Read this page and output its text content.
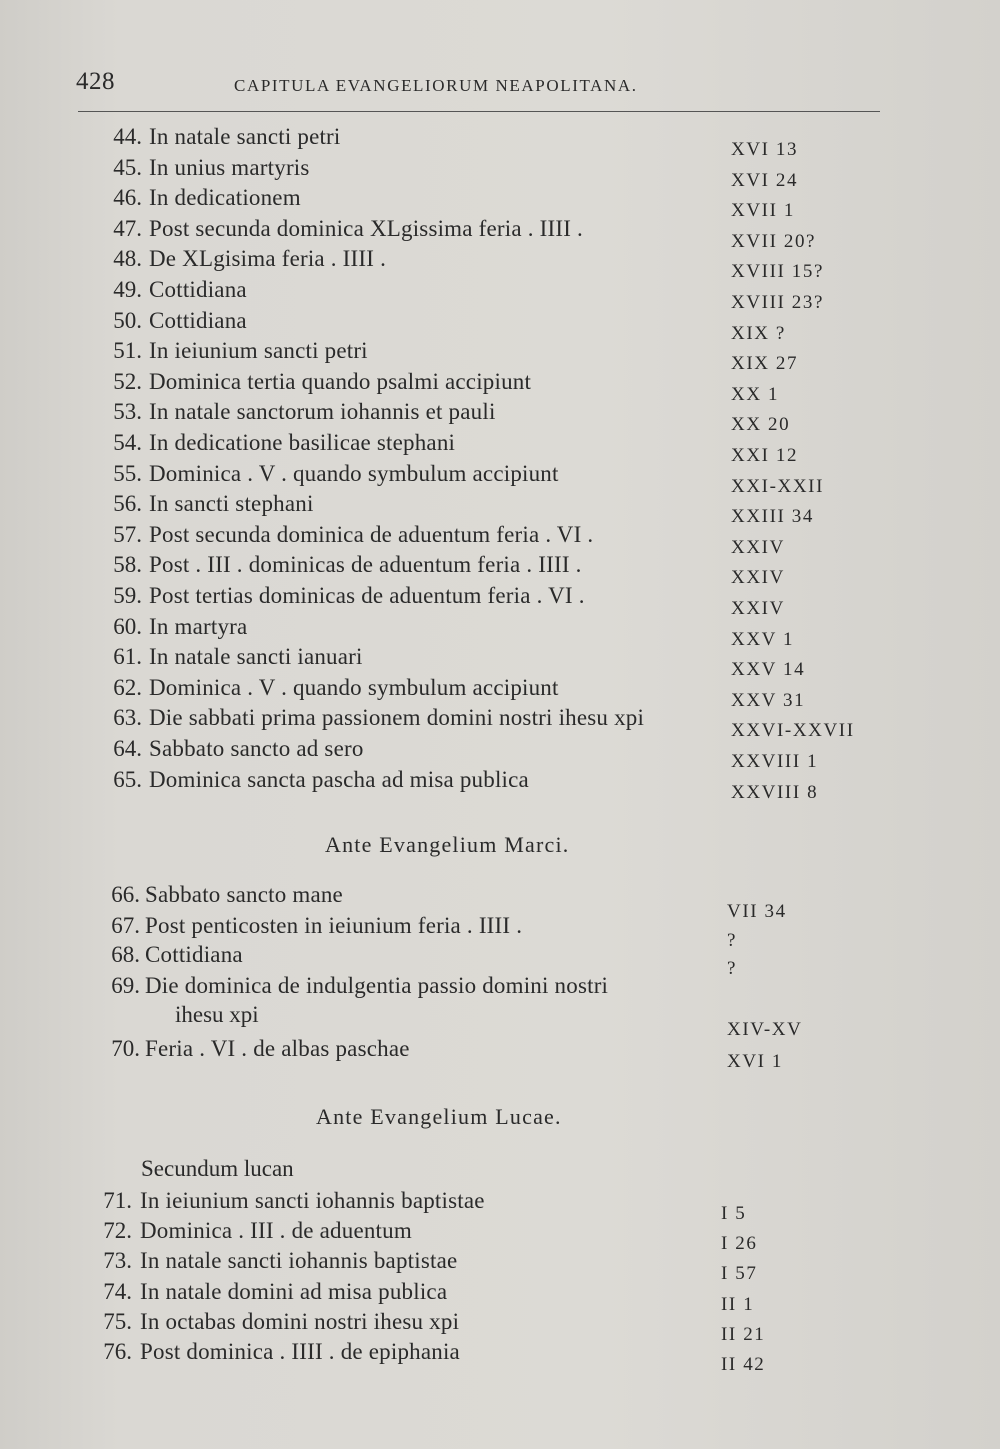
428	CAPITULA EVANGELIORUM NEAPOLITANA.
44. In natale sancti petri
XVI 13
45. In unius martyris
XVI 24
46. In dedicationem
XVII 1
47. Post secunda dominica XLgissima feria . IIII .
XVII 20?
48. De XLgisima feria . IIII .
XVIII 15?
49. Cottidiana
XVIII 23?
50. Cottidiana
XIX ?
51. In ieiunium sancti petri
XIX 27
52. Dominica tertia quando psalmi accipiunt
XX 1
53. In natale sanctorum iohannis et pauli
XX 20
54. In dedicatione basilicae stephani
XXI 12
55. Dominica . V . quando symbulum accipiunt
XXI-XXII
56. In sancti stephani
XXIII 34
57. Post secunda dominica de aduentum feria . VI .
XXIV
58. Post . III . dominicas de aduentum feria . IIII .
XXIV
59. Post tertias dominicas de aduentum feria . VI .
XXIV
60. In martyra
XXV 1
61. In natale sancti ianuari
XXV 14
62. Dominica . V . quando symbulum accipiunt
XXV 31
63. Die sabbati prima passionem domini nostri ihesu xpi
XXVI-XXVII
64. Sabbato sancto ad sero
XXVIII 1
65. Dominica sancta pascha ad misa publica
XXVIII 8
Ante Evangelium Marci.
66. Sabbato sancto mane
VII 34
67. Post penticosten in ieiunium feria . IIII .
?
68. Cottidiana
?
69. Die dominica de indulgentia passio domini nostri
ihesu xpi
XIV-XV
70. Feria . VI . de albas paschae
XVI 1
Ante Evangelium Lucae.
Secundum lucan
71. In ieiunium sancti iohannis baptistae
I 5
72. Dominica . III . de aduentum
I 26
73. In natale sancti iohannis baptistae
I 57
74. In natale domini ad misa publica
II 1
75. In octabas domini nostri ihesu xpi
II 21
76. Post dominica . IIII . de epiphania
II 42
